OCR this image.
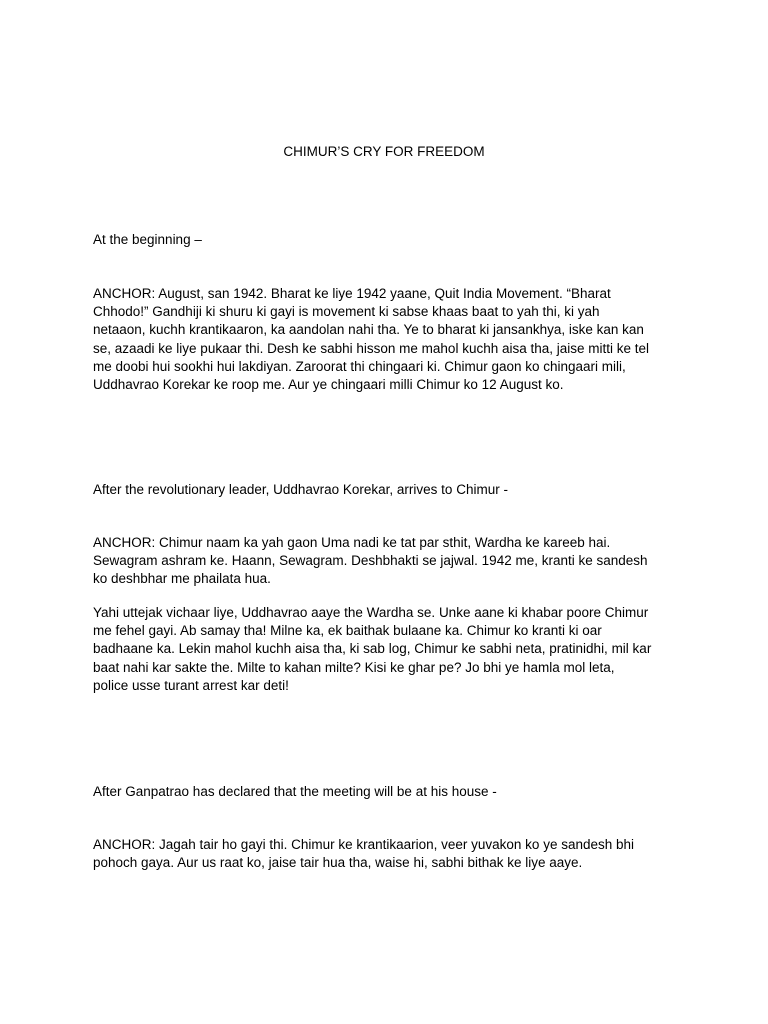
CHIMUR’S CRY FOR FREEDOM
At the beginning –
ANCHOR: August, san 1942. Bharat ke liye 1942 yaane, Quit India Movement. “Bharat
Chhodo!” Gandhiji ki shuru ki gayi is movement ki sabse khaas baat to yah thi, ki yah
netaaon, kuchh krantikaaron, ka aandolan nahi tha. Ye to bharat ki jansankhya, iske kan kan
se, azaadi ke liye pukaar thi. Desh ke sabhi hisson me mahol kuchh aisa tha, jaise mitti ke tel
me doobi hui sookhi hui lakdiyan. Zaroorat thi chingaari ki. Chimur gaon ko chingaari mili,
Uddhavrao Korekar ke roop me. Aur ye chingaari milli Chimur ko 12 August ko.
After the revolutionary leader, Uddhavrao Korekar, arrives to Chimur -
ANCHOR: Chimur naam ka yah gaon Uma nadi ke tat par sthit, Wardha ke kareeb hai.
Sewagram ashram ke. Haann, Sewagram. Deshbhakti se jajwal. 1942 me, kranti ke sandesh
ko deshbhar me phailata hua.
Yahi uttejak vichaar liye, Uddhavrao aaye the Wardha se. Unke aane ki khabar poore Chimur
me fehel gayi. Ab samay tha! Milne ka, ek baithak bulaane ka. Chimur ko kranti ki oar
badhaane ka. Lekin mahol kuchh aisa tha, ki sab log, Chimur ke sabhi neta, pratinidhi, mil kar
baat nahi kar sakte the. Milte to kahan milte? Kisi ke ghar pe? Jo bhi ye hamla mol leta,
police usse turant arrest kar deti!
After Ganpatrao has declared that the meeting will be at his house -
ANCHOR: Jagah tair ho gayi thi. Chimur ke krantikaarion, veer yuvakon ko ye sandesh bhi
pohoch gaya. Aur us raat ko, jaise tair hua tha, waise hi, sabhi bithak ke liye aaye.
